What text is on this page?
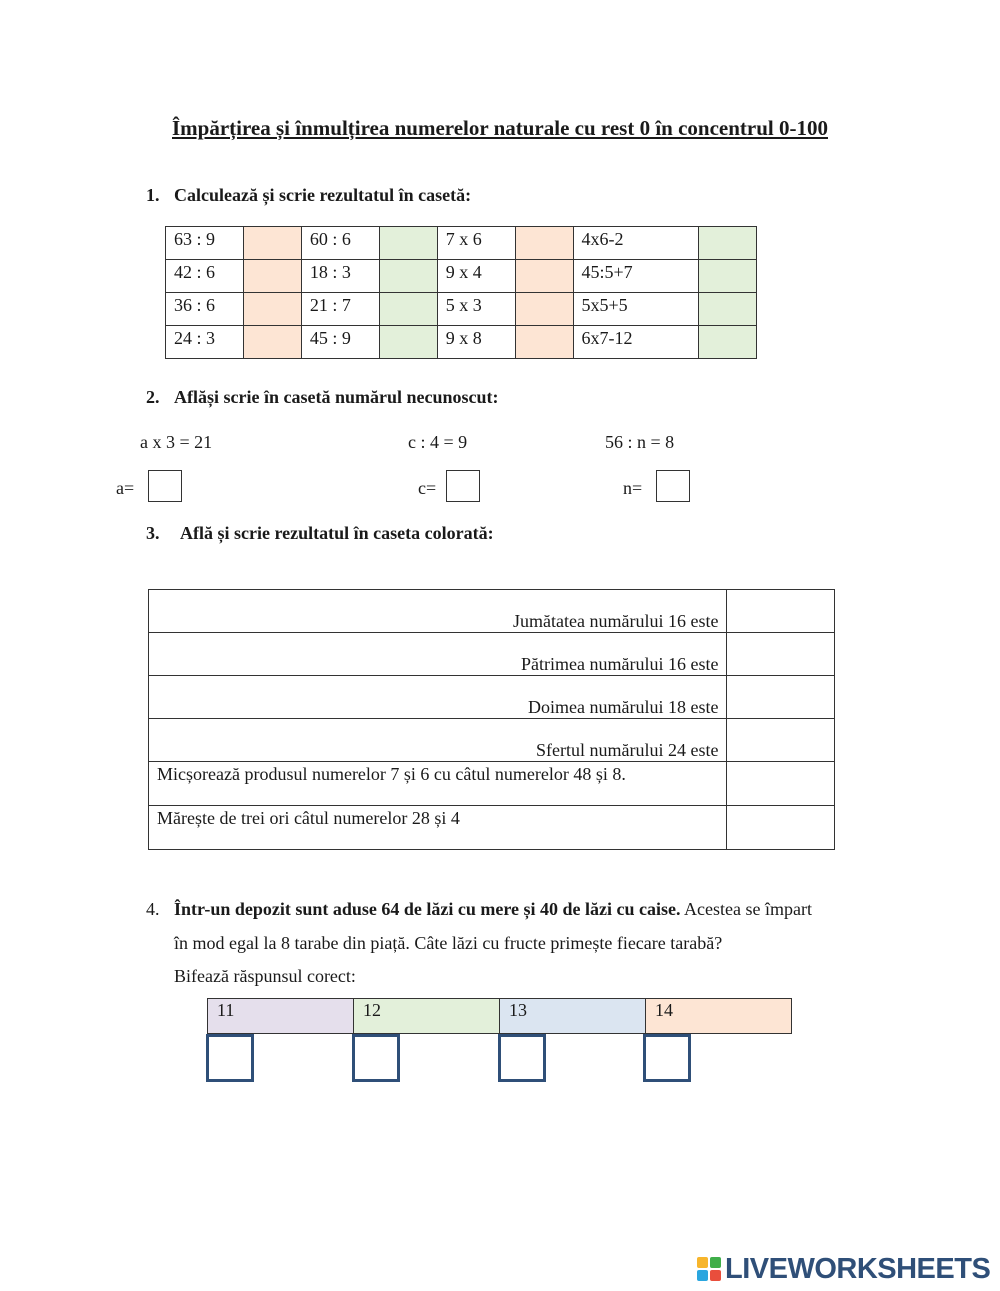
Împărțirea și înmulțirea numerelor naturale cu rest 0 în concentrul 0-100
1. Calculează și scrie rezultatul în casetă:
63 : 9		60 : 6		7 x 6		4x6-2	
42 : 6		18 : 3		9 x 4		45:5+7	
36 : 6		21 : 7		5 x 3		5x5+5	
24 : 3		45 : 9		9 x 8		6x7-12	
2. Aflăși scrie în casetă numărul necunoscut:
a x 3 = 21	c : 4 = 9	56 : n = 8
a=	c=	n=
3. Află și scrie rezultatul în caseta colorată:
Jumătatea numărului 16 este	
Pătrimea numărului 16 este	
Doimea numărului 18 este	
Sfertul numărului 24 este	
Micșorează produsul numerelor 7 și 6 cu câtul numerelor 48 și 8.	
Mărește de trei ori câtul numerelor 28 și 4	
4. Într-un depozit sunt aduse 64 de lăzi cu mere și 40 de lăzi cu caise. Acestea se împart
în mod egal la 8 tarabe din piață. Câte lăzi cu fructe primește fiecare tarabă?
Bifează răspunsul corect:
11	12	13	14
LIVEWORKSHEETS
